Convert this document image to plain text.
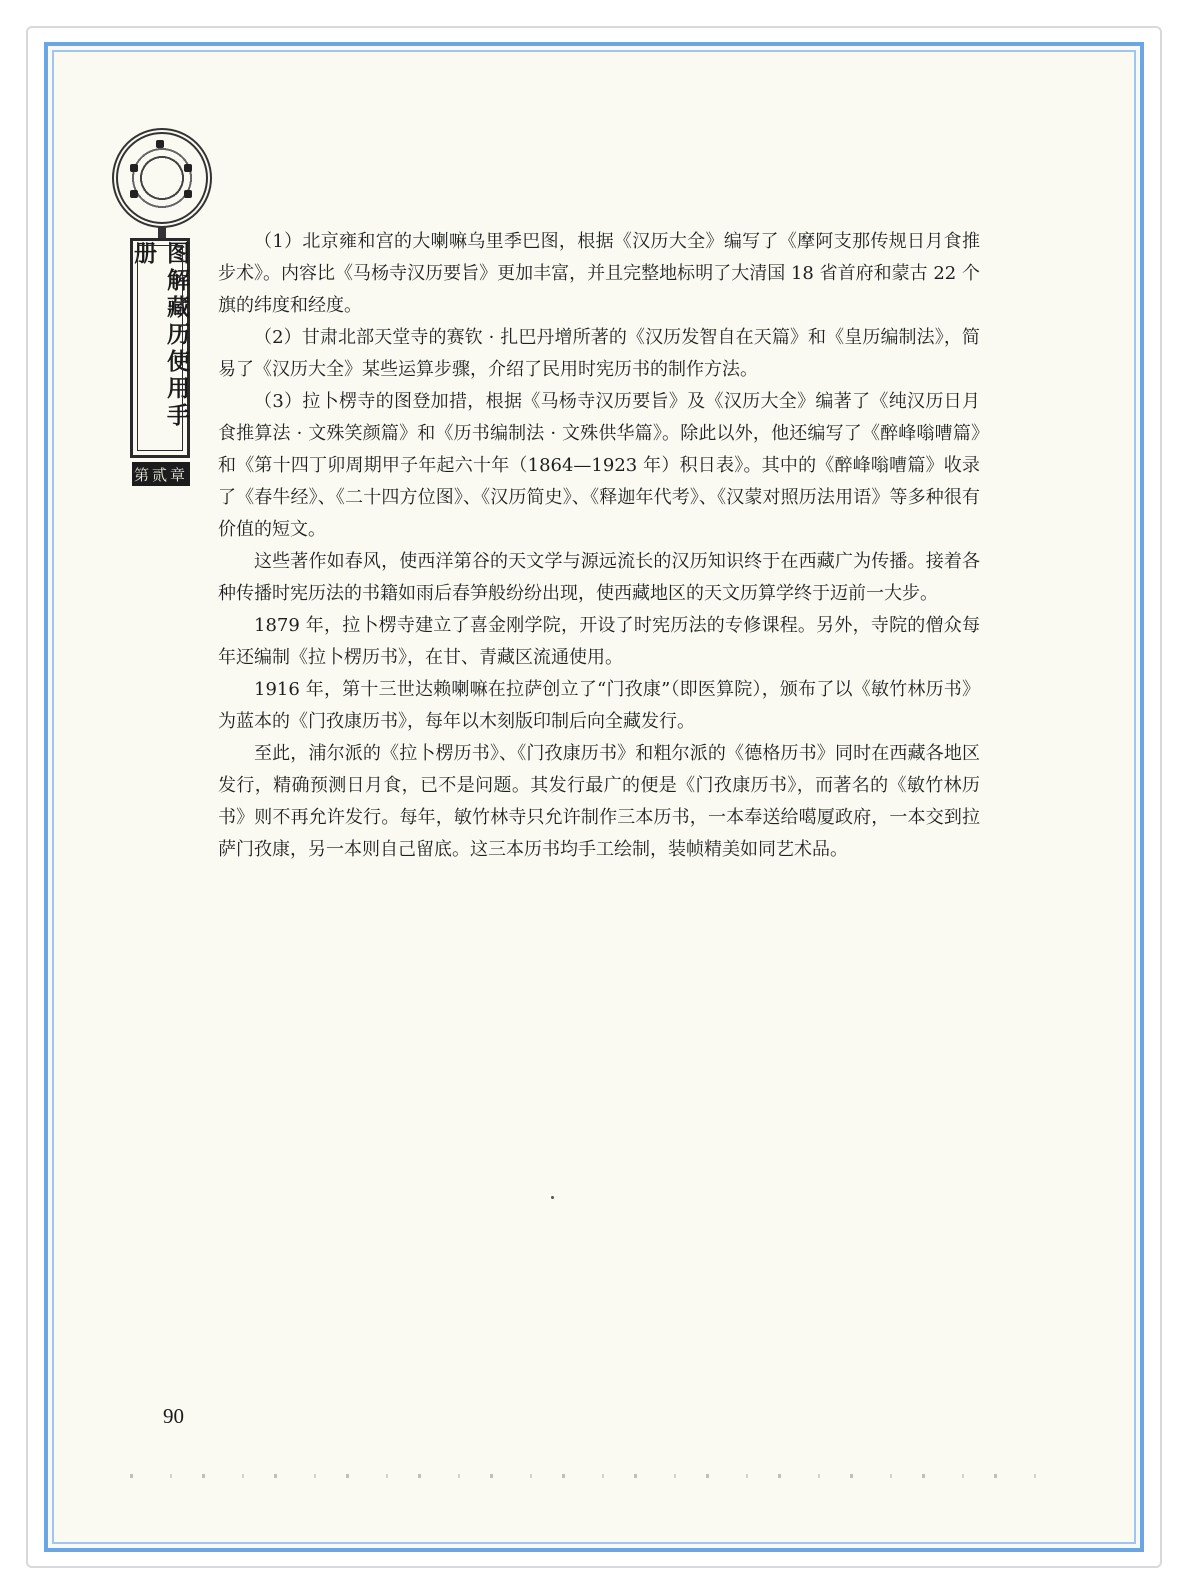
图解藏历使用手册
第贰章

（1）北京雍和宫的大喇嘛乌里季巴图，根据《汉历大全》编写了《摩阿支那传规日月食推步术》。内容比《马杨寺汉历要旨》更加丰富，并且完整地标明了大清国 18 省首府和蒙古 22 个旗的纬度和经度。

（2）甘肃北部天堂寺的赛钦 · 扎巴丹增所著的《汉历发智自在天篇》和《皇历编制法》，简易了《汉历大全》某些运算步骤，介绍了民用时宪历书的制作方法。

（3）拉卜楞寺的图登加措，根据《马杨寺汉历要旨》及《汉历大全》编著了《纯汉历日月食推算法 · 文殊笑颜篇》和《历书编制法 · 文殊供华篇》。除此以外，他还编写了《醉峰嗡嘈篇》和《第十四丁卯周期甲子年起六十年（1864—1923 年）积日表》。其中的《醉峰嗡嘈篇》收录了《春牛经》、《二十四方位图》、《汉历简史》、《释迦年代考》、《汉蒙对照历法用语》等多种很有价值的短文。

这些著作如春风，使西洋第谷的天文学与源远流长的汉历知识终于在西藏广为传播。接着各种传播时宪历法的书籍如雨后春笋般纷纷出现，使西藏地区的天文历算学终于迈前一大步。

1879 年，拉卜楞寺建立了喜金刚学院，开设了时宪历法的专修课程。另外，寺院的僧众每年还编制《拉卜楞历书》，在甘、青藏区流通使用。

1916 年，第十三世达赖喇嘛在拉萨创立了“门孜康”（即医算院），颁布了以《敏竹林历书》为蓝本的《门孜康历书》，每年以木刻版印制后向全藏发行。

至此，浦尔派的《拉卜楞历书》、《门孜康历书》和粗尔派的《德格历书》同时在西藏各地区发行，精确预测日月食，已不是问题。其发行最广的便是《门孜康历书》，而著名的《敏竹林历书》则不再允许发行。每年，敏竹林寺只允许制作三本历书，一本奉送给噶厦政府，一本交到拉萨门孜康，另一本则自己留底。这三本历书均手工绘制，装帧精美如同艺术品。

90
